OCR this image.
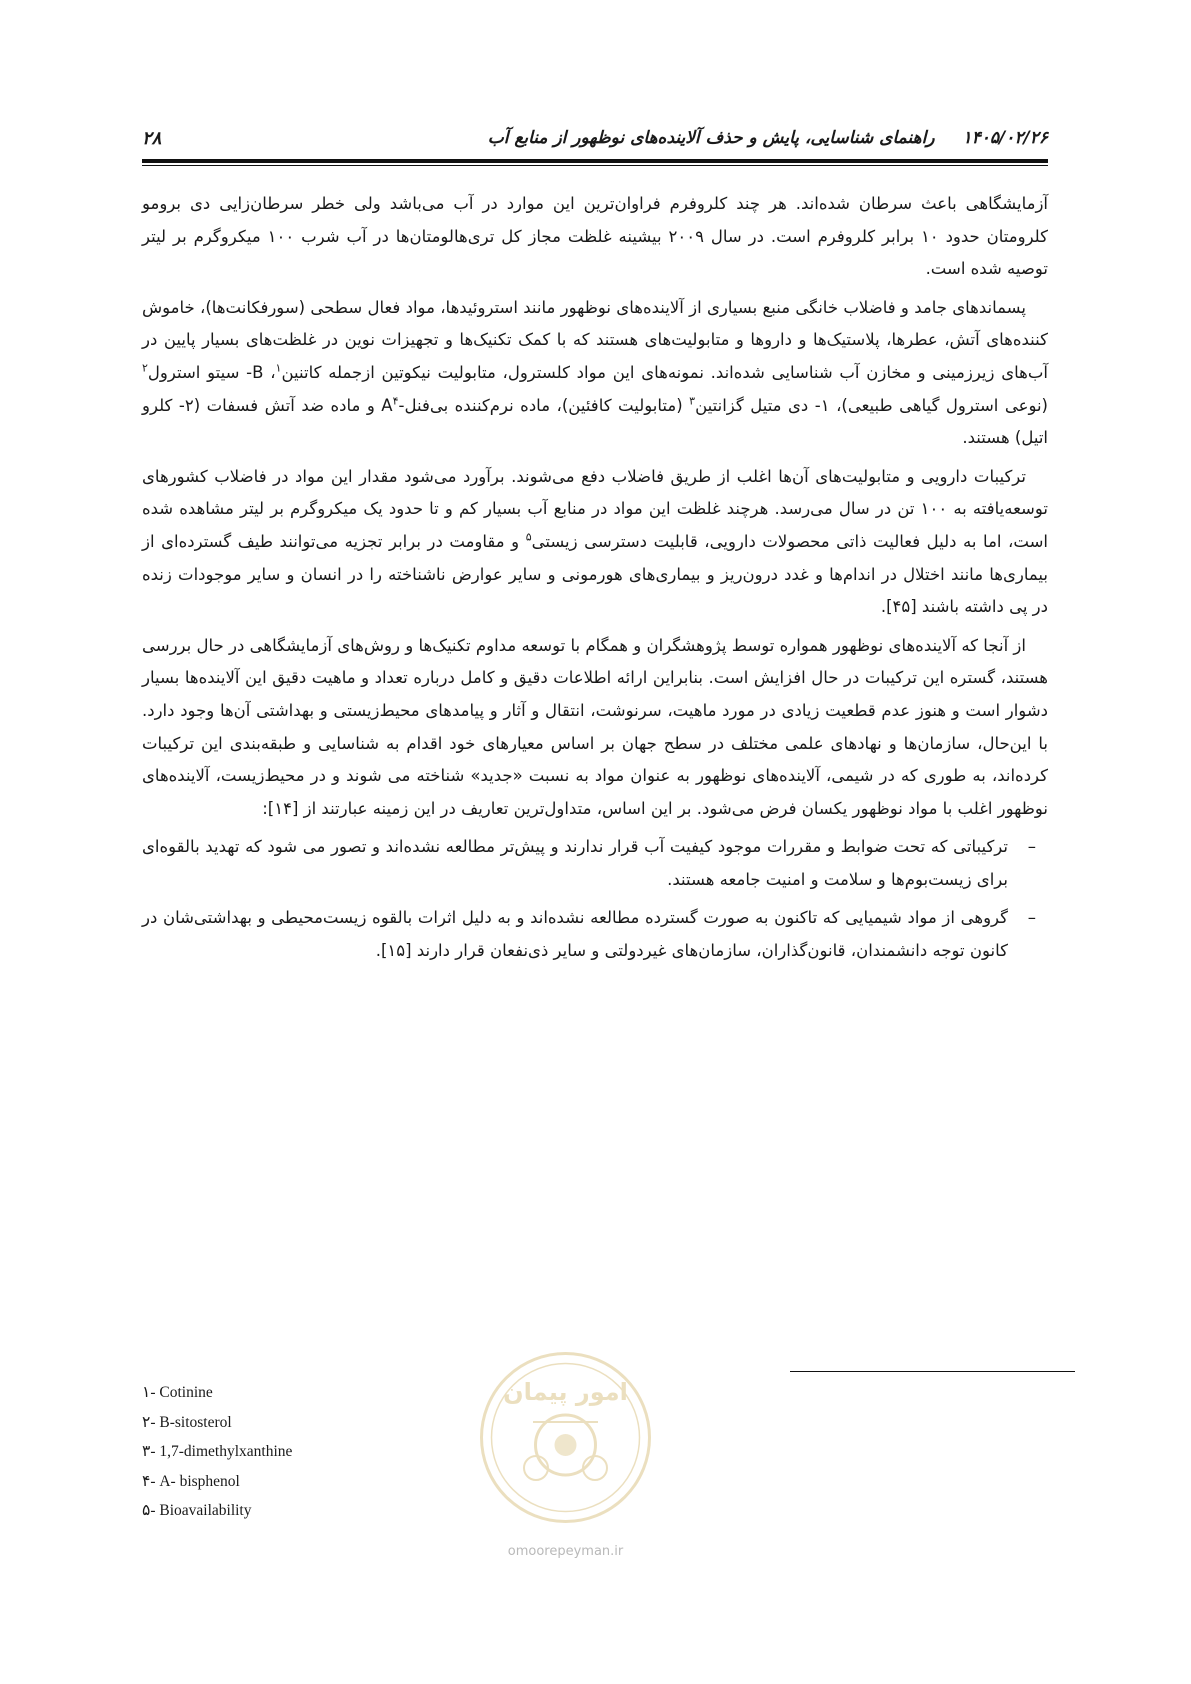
۲۸	۱۴۰۵/۰۲/۲۶راهنمای شناسایی، پایش و حذف آلاینده‌های نوظهور از منابع آب

آزمایشگاهی باعث سرطان شده‌اند. هر چند کلروفرم فراوان‌ترین این موارد در آب می‌باشد ولی خطر سرطان‌زایی دی برومو کلرومتان حدود ۱۰ برابر کلروفرم است. در سال ۲۰۰۹ بیشینه غلظت مجاز کل تری‌هالومتان‌ها در آب شرب ۱۰۰ میکروگرم بر لیتر توصیه شده است.

پسماندهای جامد و فاضلاب خانگی منبع بسیاری از آلاینده‌های نوظهور مانند استروئیدها، مواد فعال سطحی (سورفکانت‌ها)، خاموش کننده‌های آتش، عطرها، پلاستیک‌ها و داروها و متابولیت‌های هستند که با کمک تکنیک‌ها و تجهیزات نوین در غلظت‌های بسیار پایین در آب‌های زیرزمینی و مخازن آب شناسایی شده‌اند. نمونه‌های این مواد کلسترول، متابولیت نیکوتین ازجمله کاتنین$^۱$، B- سیتو استرول$^۲$ (نوعی استرول گیاهی طبیعی)، ۱- دی متیل گزانتین$^۳$ (متابولیت کافئین)، ماده نرم‌کننده $بی‌فنل-A^۴$ و ماده ضد آتش فسفات (۲- کلرو اتیل) هستند.

ترکیبات دارویی و متابولیت‌های آن‌ها اغلب از طریق فاضلاب دفع می‌شوند. برآورد می‌شود مقدار این مواد در فاضلاب کشورهای توسعه‌یافته به ۱۰۰ تن در سال می‌رسد. هرچند غلظت این مواد در منابع آب بسیار کم و تا حدود یک میکروگرم بر لیتر مشاهده شده است، اما به دلیل فعالیت ذاتی محصولات دارویی، قابلیت دسترسی زیستی$^۵$ و مقاومت در برابر تجزیه می‌توانند طیف گسترده‌ای از بیماری‌ها مانند اختلال در اندام‌ها و غدد درون‌ریز و بیماری‌های هورمونی و سایر عوارض ناشناخته را در انسان و سایر موجودات زنده در پی داشته باشند [۴۵].

از آنجا که آلاینده‌های نوظهور همواره توسط پژوهشگران و همگام با توسعه مداوم تکنیک‌ها و روش‌های آزمایشگاهی در حال بررسی هستند، گستره این ترکیبات در حال افزایش است. بنابراین ارائه اطلاعات دقیق و کامل درباره تعداد و ماهیت دقیق این آلاینده‌ها بسیار دشوار است و هنوز عدم قطعیت زیادی در مورد ماهیت، سرنوشت، انتقال و آثار و پیامدهای محیط‌زیستی و بهداشتی آن‌ها وجود دارد. با این‌حال، سازمان‌ها و نهادهای علمی مختلف در سطح جهان بر اساس معیارهای خود اقدام به شناسایی و طبقه‌بندی این ترکیبات کرده‌اند، به طوری که در شیمی، آلاینده‌های نوظهور به عنوان مواد به نسبت «جدید» شناخته می شوند و در محیط‌زیست، آلاینده‌های نوظهور اغلب با مواد نوظهور یکسان فرض می‌شود. بر این اساس، متداول‌ترین تعاریف در این زمینه عبارتند از [۱۴]:

–
ترکیباتی که تحت ضوابط و مقررات موجود کیفیت آب قرار ندارند و پیش‌تر مطالعه نشده‌اند و تصور می شود که تهدید بالقوه‌ای برای زیست‌بوم‌ها و سلامت و امنیت جامعه هستند.
–
گروهی از مواد شیمیایی که تاکنون به صورت گسترده مطالعه نشده‌اند و به دلیل اثرات بالقوه زیست‌محیطی و بهداشتی‌شان در کانون توجه دانشمندان، قانون‌گذاران، سازمان‌های غیردولتی و سایر ذی‌نفعان قرار دارند [۱۵].
۱- Cotinine
۲- B-sitosterol
۳- 1,7-dimethylxanthine
۴- A- bisphenol
۵- Bioavailability
امور پیمان
omoorepeyman.ir
